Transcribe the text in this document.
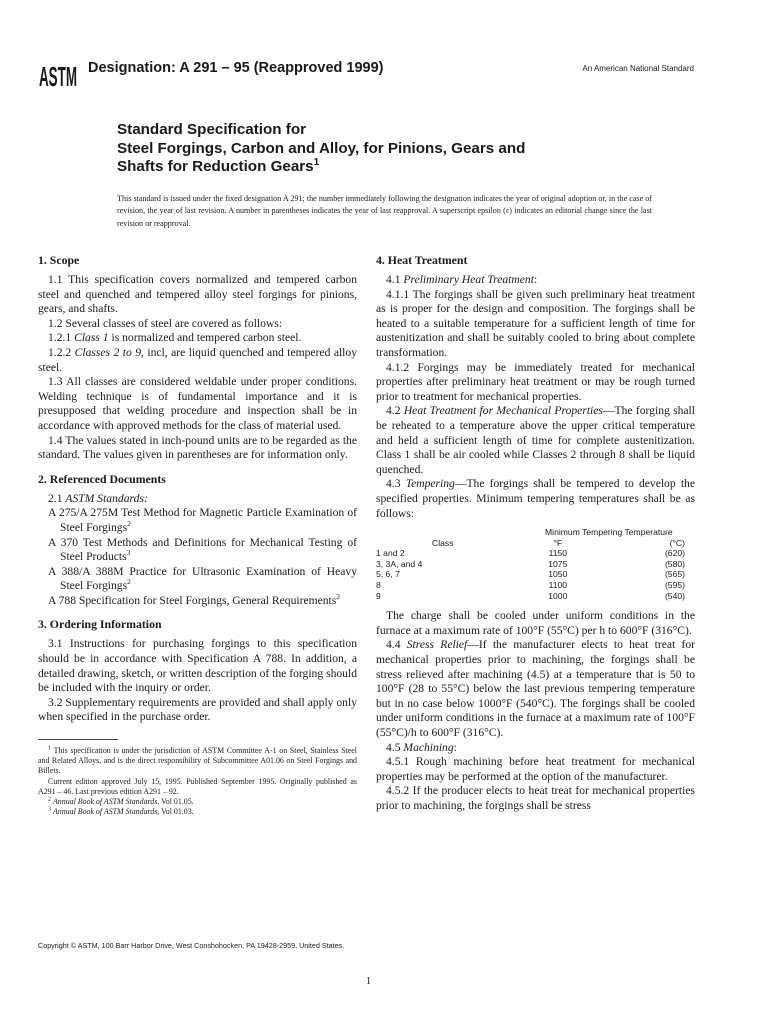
ASTM Designation: A 291 – 95 (Reapproved 1999)	An American National Standard
Standard Specification for
Steel Forgings, Carbon and Alloy, for Pinions, Gears and
Shafts for Reduction Gears$^1$
This standard is issued under the fixed designation A 291; the number immediately following the designation indicates the year of original adoption or, in the case of revision, the year of last revision. A number in parentheses indicates the year of last reapproval. A superscript epsilon (ε) indicates an editorial change since the last revision or reapproval.
1. Scope

1.1 This specification covers normalized and tempered carbon steel and quenched and tempered alloy steel forgings for pinions, gears, and shafts.

1.2 Several classes of steel are covered as follows:

1.2.1 Class 1 is normalized and tempered carbon steel.

1.2.2 Classes 2 to 9, incl, are liquid quenched and tempered alloy steel.

1.3 All classes are considered weldable under proper conditions. Welding technique is of fundamental importance and it is presupposed that welding procedure and inspection shall be in accordance with approved methods for the class of material used.

1.4 The values stated in inch-pound units are to be regarded as the standard. The values given in parentheses are for information only.

2. Referenced Documents

2.1 ASTM Standards:

A 275/A 275M Test Method for Magnetic Particle Examination of Steel Forgings$^2$

A 370 Test Methods and Definitions for Mechanical Testing of Steel Products$^3$

A 388/A 388M Practice for Ultrasonic Examination of Heavy Steel Forgings$^2$

A 788 Specification for Steel Forgings, General Requirements$^2$

3. Ordering Information

3.1 Instructions for purchasing forgings to this specification should be in accordance with Specification A 788. In addition, a detailed drawing, sketch, or written description of the forging should be included with the inquiry or order.

3.2 Supplementary requirements are provided and shall apply only when specified in the purchase order.

$^1$ This specification is under the jurisdiction of ASTM Committee A-1 on Steel, Stainless Steel and Related Alloys, and is the direct responsibility of Subcommittee A01.06 on Steel Forgings and Billets.

Current edition approved July 15, 1995. Published September 1995. Originally published as A291 – 46. Last previous edition A291 – 92.

$^2$ Annual Book of ASTM Standards, Vol 01.05.

$^3$ Annual Book of ASTM Standards, Vol 01.03.

4. Heat Treatment

4.1 Preliminary Heat Treatment:

4.1.1 The forgings shall be given such preliminary heat treatment as is proper for the design and composition. The forgings shall be heated to a suitable temperature for a sufficient length of time for austenitization and shall be suitably cooled to bring about complete transformation.

4.1.2 Forgings may be immediately treated for mechanical properties after preliminary heat treatment or may be rough turned prior to treatment for mechanical properties.

4.2 Heat Treatment for Mechanical Properties—The forging shall be reheated to a temperature above the upper critical temperature and held a sufficient length of time for complete austenitization. Class 1 shall be air cooled while Classes 2 through 8 shall be liquid quenched.

4.3 Tempering—The forgings shall be tempered to develop the specified properties. Minimum tempering temperatures shall be as follows:

	Minimum Tempering Temperature	
Class	°F	(°C)
1 and 2	1150	(620)
3, 3A, and 4	1075	(580)
5, 6, 7	1050	(565)
8	1100	(595)
9	1000	(540)

The charge shall be cooled under uniform conditions in the furnace at a maximum rate of 100°F (55°C) per h to 600°F (316°C).

4.4 Stress Relief—If the manufacturer elects to heat treat for mechanical properties prior to machining, the forgings shall be stress relieved after machining (4.5) at a temperature that is 50 to 100°F (28 to 55°C) below the last previous tempering temperature but in no case below 1000°F (540°C). The forgings shall be cooled under uniform conditions in the furnace at a maximum rate of 100°F (55°C)/h to 600°F (316°C).

4.5 Machining:

4.5.1 Rough machining before heat treatment for mechanical properties may be performed at the option of the manufacturer.

4.5.2 If the producer elects to heat treat for mechanical properties prior to machining, the forgings shall be stress

Copyright © ASTM, 100 Barr Harbor Drive, West Conshohocken, PA 19428-2959, United States.
1
